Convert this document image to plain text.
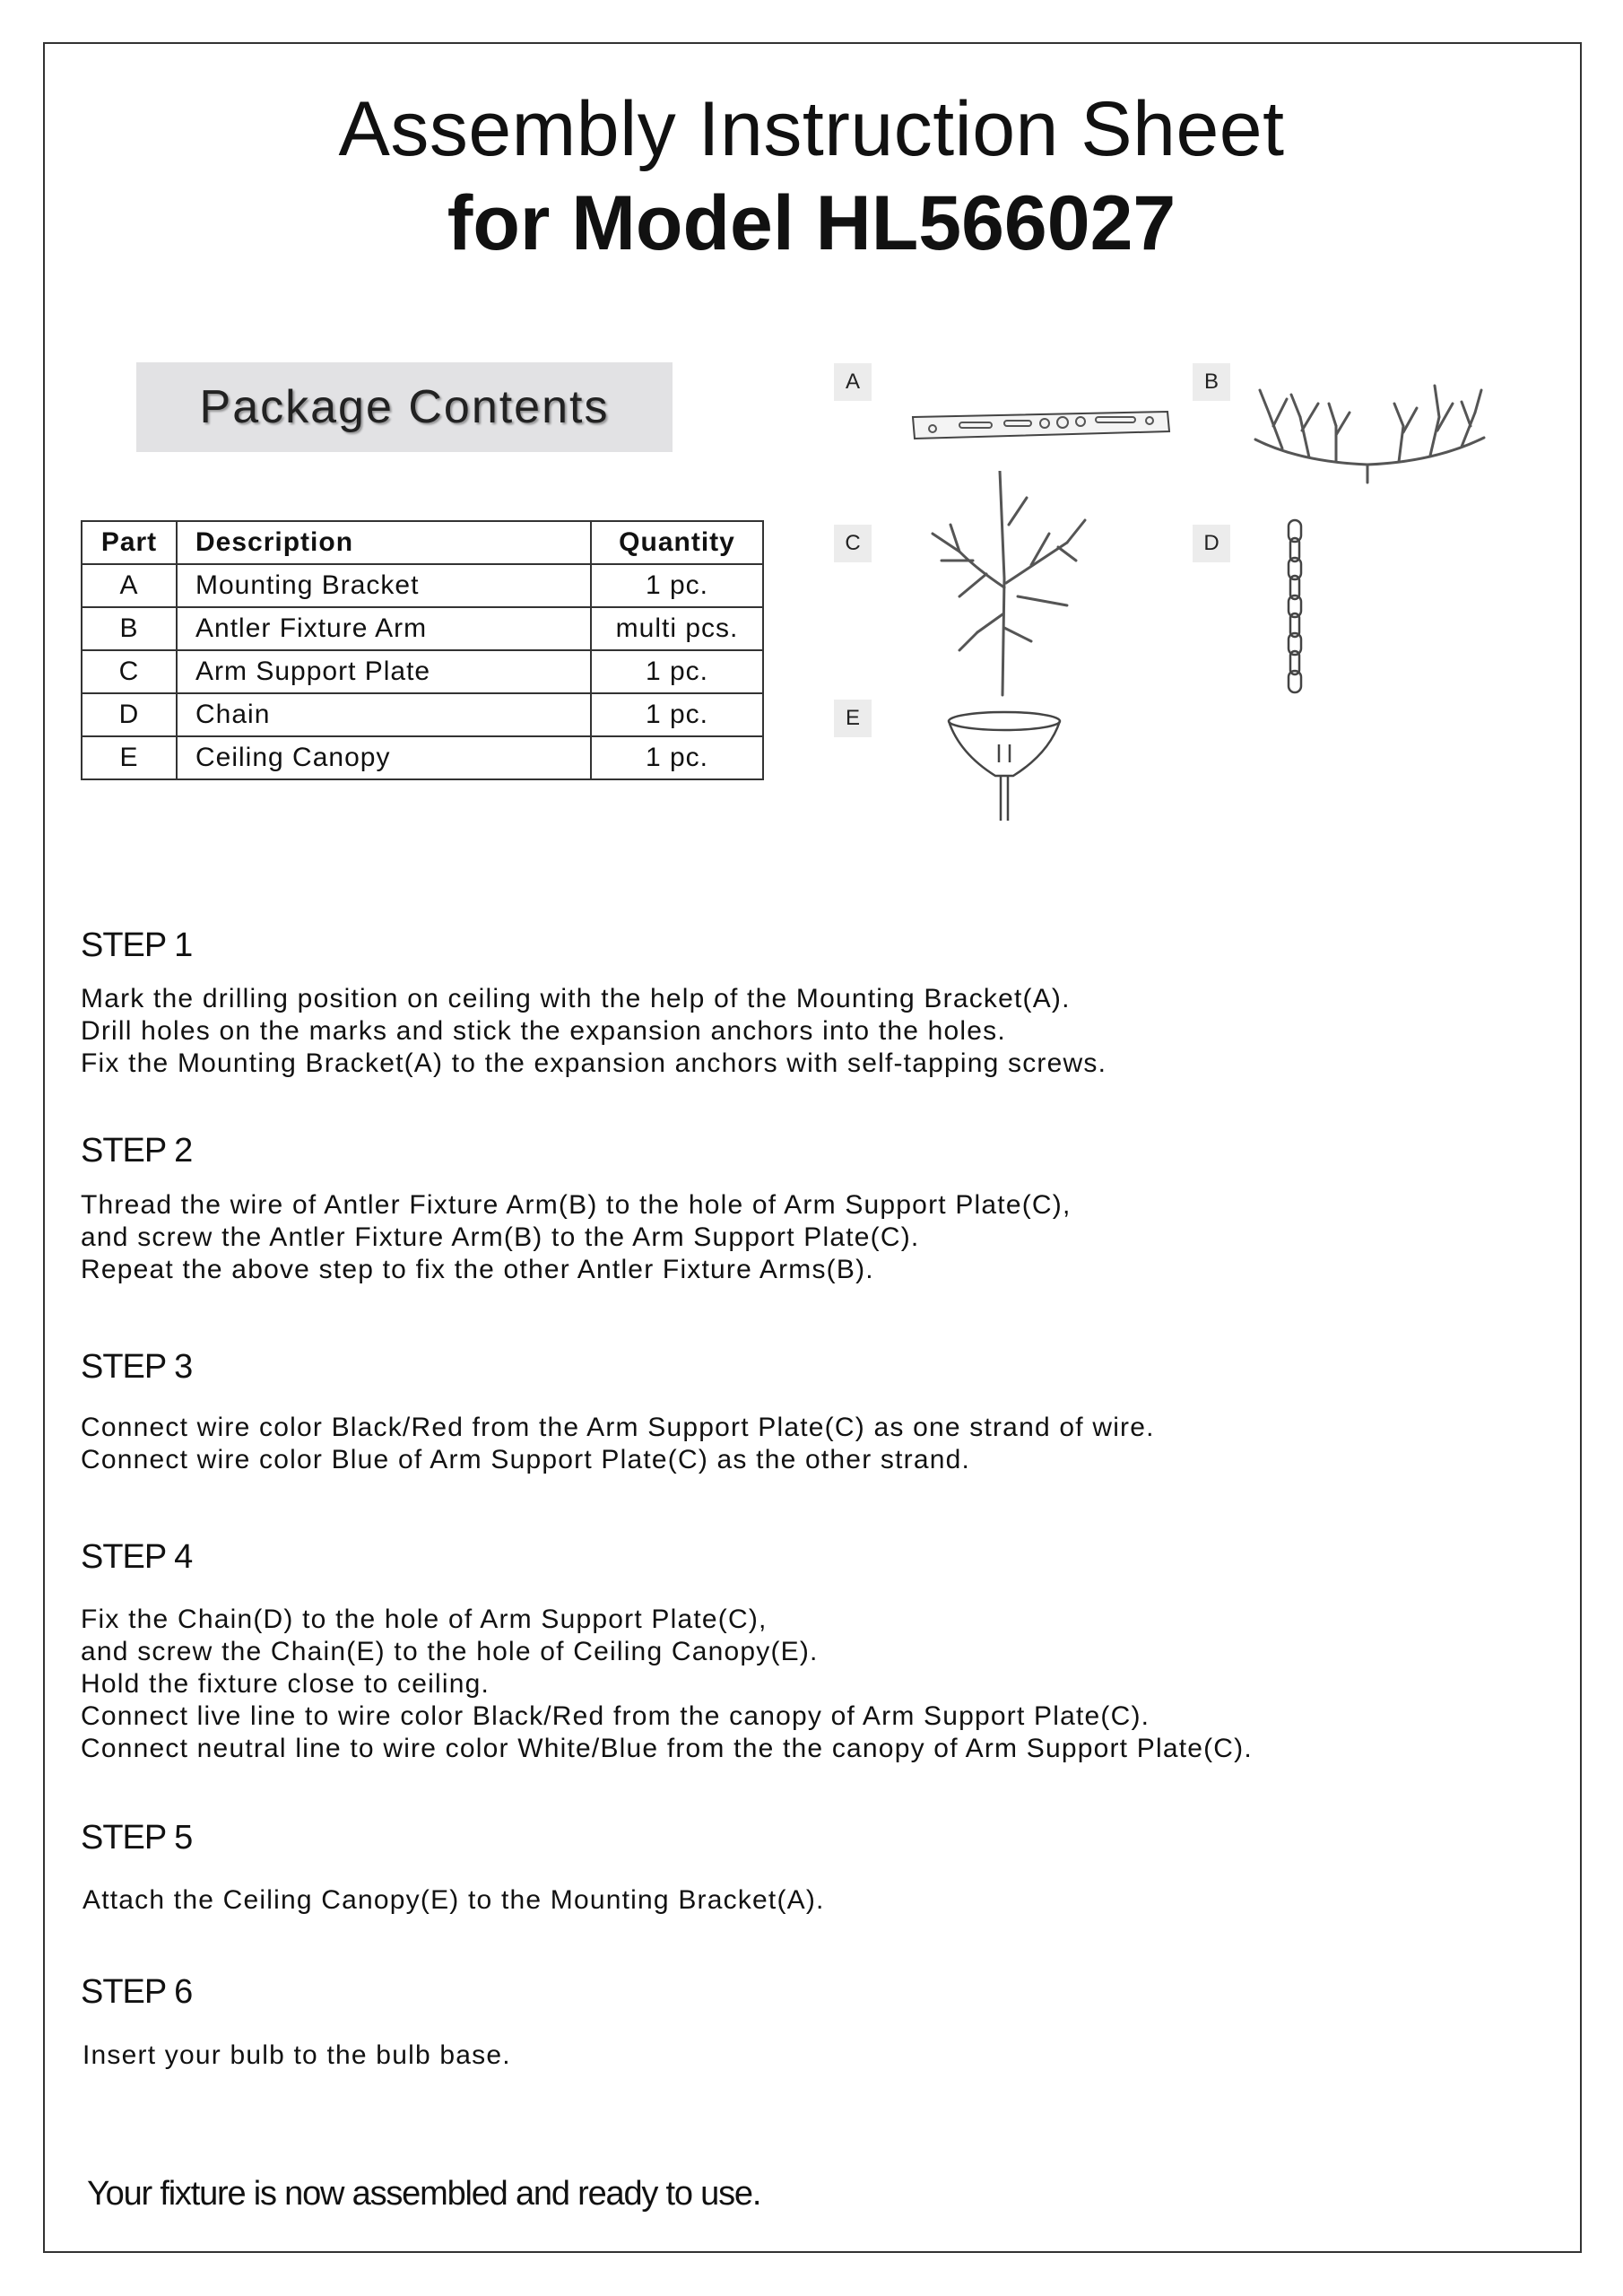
Assembly Instruction Sheet
for Model HL566027
Package Contents
Part	Description	Quantity
A	Mounting Bracket	1 pc.
B	Antler Fixture Arm	multi pcs.
C	Arm Support Plate	1 pc.
D	Chain	1 pc.
E	Ceiling Canopy	1 pc.
A	B
C	D
E
STEP 1
Mark the drilling position on ceiling with the help of the Mounting Bracket(A).
Drill holes on the marks and stick the expansion anchors into the holes.
Fix the Mounting Bracket(A) to the expansion anchors with self-tapping screws.
STEP 2
Thread the wire of Antler Fixture Arm(B) to the hole of Arm Support Plate(C),
and screw the Antler Fixture Arm(B) to the Arm Support Plate(C).
Repeat the above step to fix the other Antler Fixture Arms(B).
STEP 3
Connect wire color Black/Red from the Arm Support Plate(C) as one strand of wire.
Connect wire color Blue of Arm Support Plate(C) as the other strand.
STEP 4
Fix the Chain(D) to the hole of Arm Support Plate(C),
and screw the Chain(E) to the hole of Ceiling Canopy(E).
Hold the fixture close to ceiling.
Connect live line to wire color Black/Red from the canopy of Arm Support Plate(C).
Connect neutral line to wire color White/Blue from the the canopy of Arm Support Plate(C).
STEP 5
Attach the Ceiling Canopy(E) to the Mounting Bracket(A).
STEP 6
Insert your bulb to the bulb base.
Your fixture is now assembled and ready to use.
